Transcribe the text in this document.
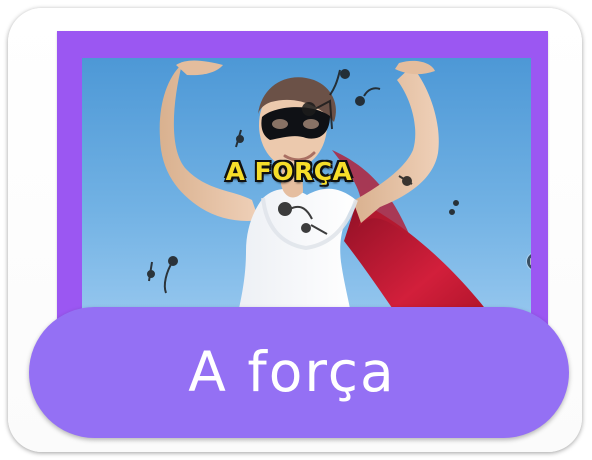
A FORÇA
A força
